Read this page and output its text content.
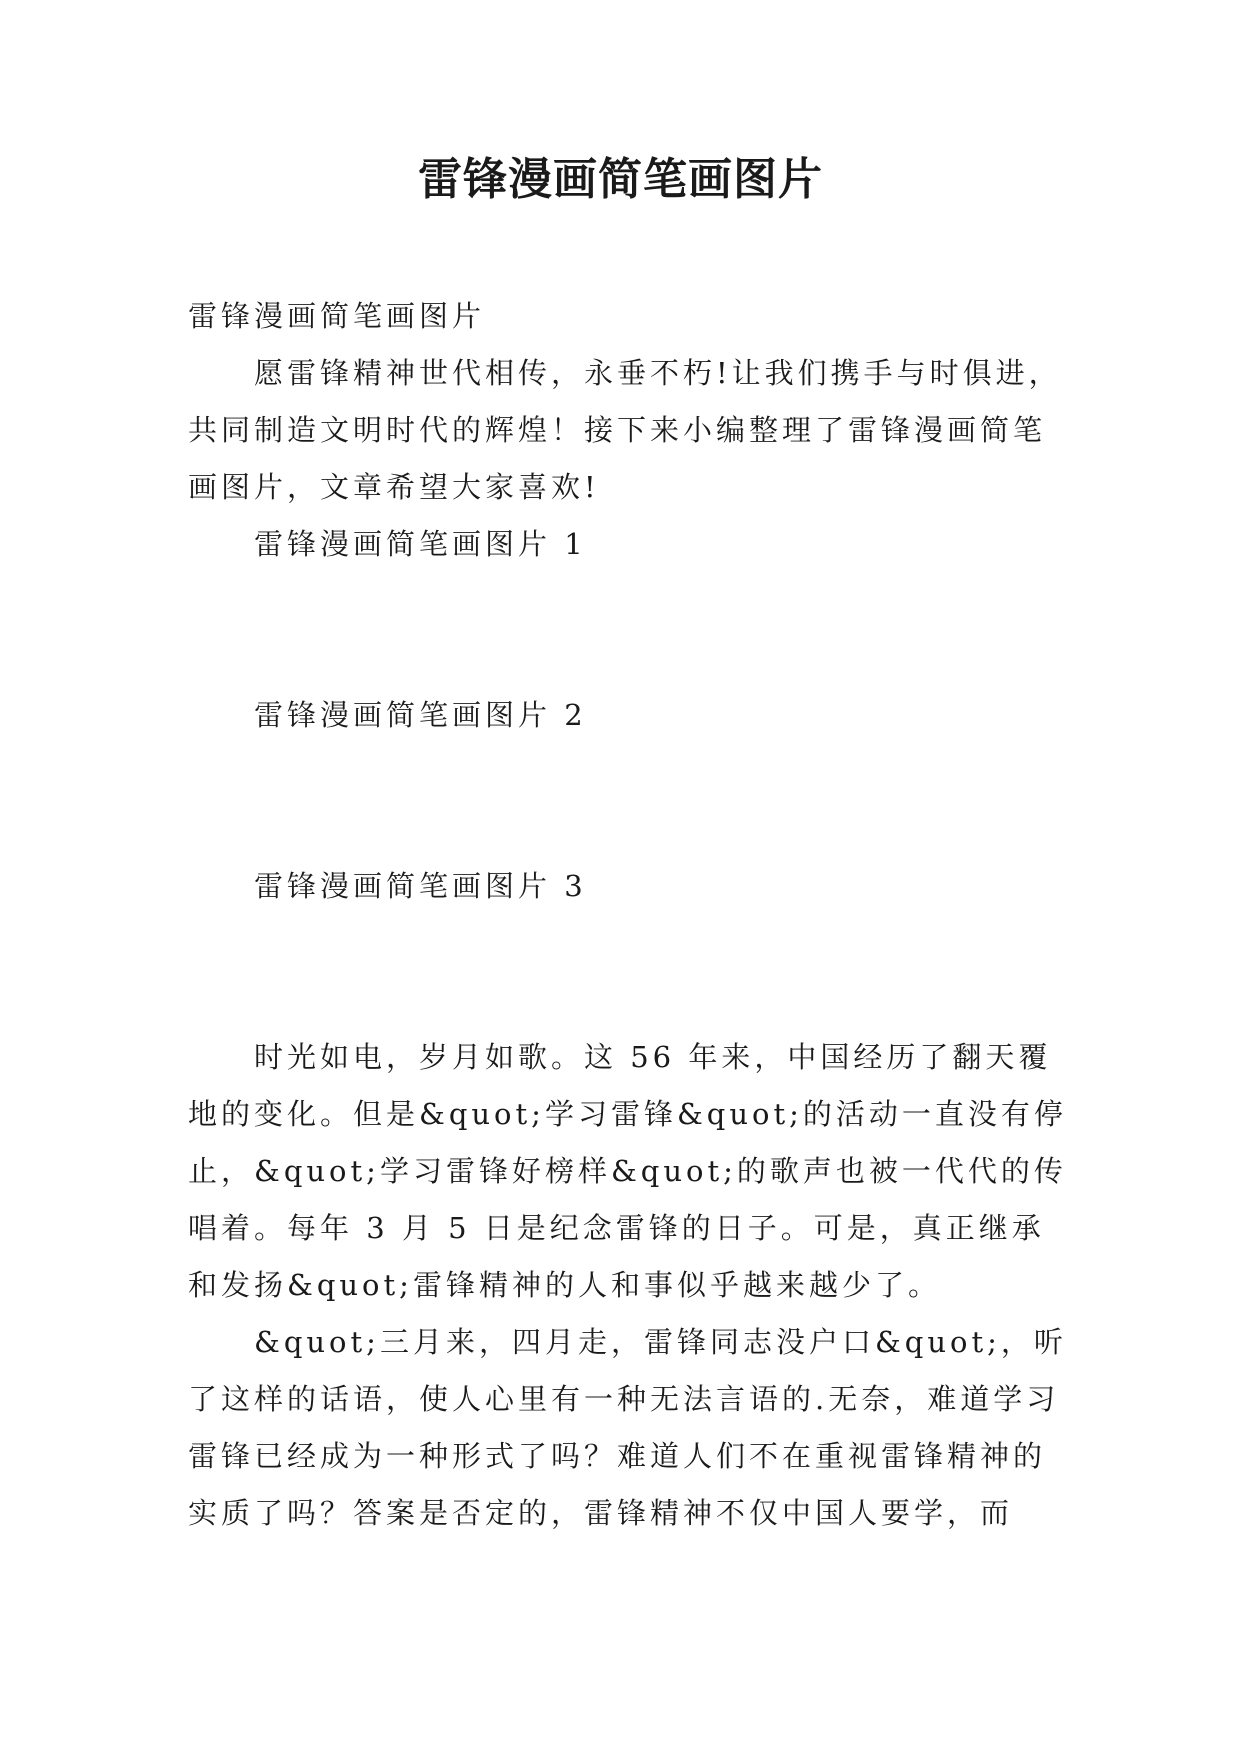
雷锋漫画简笔画图片

雷锋漫画简笔画图片

愿雷锋精神世代相传，永垂不朽!让我们携手与时俱进，共同制造文明时代的辉煌！接下来小编整理了雷锋漫画简笔画图片，文章希望大家喜欢!

雷锋漫画简笔画图片 1

雷锋漫画简笔画图片 2

雷锋漫画简笔画图片 3

时光如电，岁月如歌。这 56 年来，中国经历了翻天覆地的变化。但是&quot;学习雷锋&quot;的活动一直没有停止，&quot;学习雷锋好榜样&quot;的歌声也被一代代的传唱着。每年 3 月 5 日是纪念雷锋的日子。可是，真正继承和发扬&quot;雷锋精神的人和事似乎越来越少了。

&quot;三月来，四月走，雷锋同志没户口&quot;，听了这样的话语，使人心里有一种无法言语的.无奈，难道学习雷锋已经成为一种形式了吗？难道人们不在重视雷锋精神的实质了吗？答案是否定的，雷锋精神不仅中国人要学，而
